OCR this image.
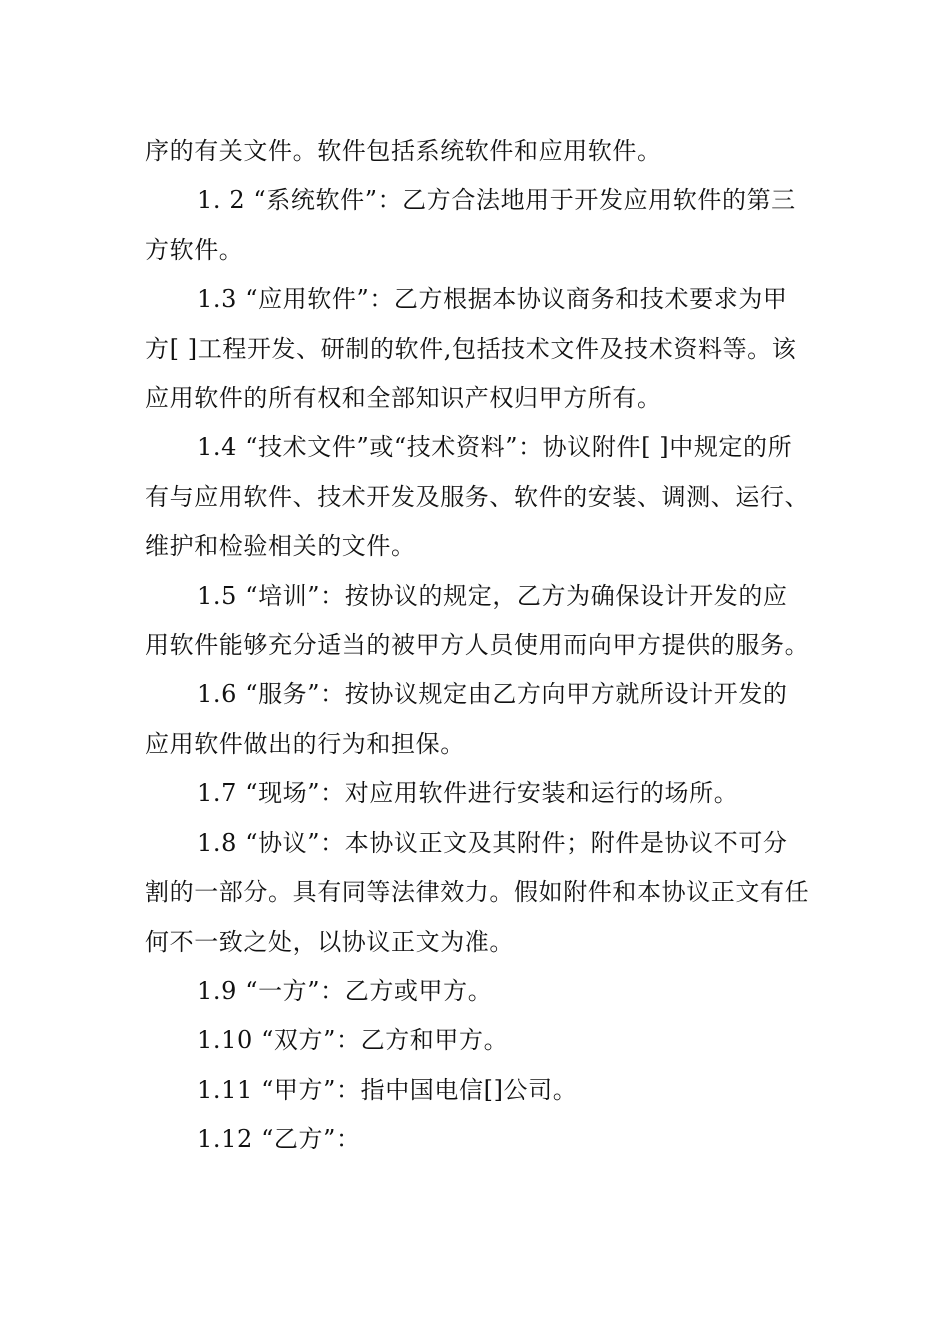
序的有关文件。软件包括系统软件和应用软件。

1. 2 “系统软件”：乙方合法地用于开发应用软件的第三方软件。

1.3 “应用软件”：乙方根据本协议商务和技术要求为甲方[ ]工程开发、研制的软件,包括技术文件及技术资料等。该应用软件的所有权和全部知识产权归甲方所有。

1.4 “技术文件”或“技术资料”：协议附件[ ]中规定的所有与应用软件、技术开发及服务、软件的安装、调测、运行、维护和检验相关的文件。

1.5 “培训”：按协议的规定，乙方为确保设计开发的应用软件能够充分适当的被甲方人员使用而向甲方提供的服务。

1.6 “服务”：按协议规定由乙方向甲方就所设计开发的应用软件做出的行为和担保。

1.7 “现场”：对应用软件进行安装和运行的场所。

1.8 “协议”：本协议正文及其附件；附件是协议不可分割的一部分。具有同等法律效力。假如附件和本协议正文有任何不一致之处，以协议正文为准。

1.9 “一方”：乙方或甲方。

1.10 “双方”：乙方和甲方。

1.11 “甲方”：指中国电信[]公司。

1.12 “乙方”：
